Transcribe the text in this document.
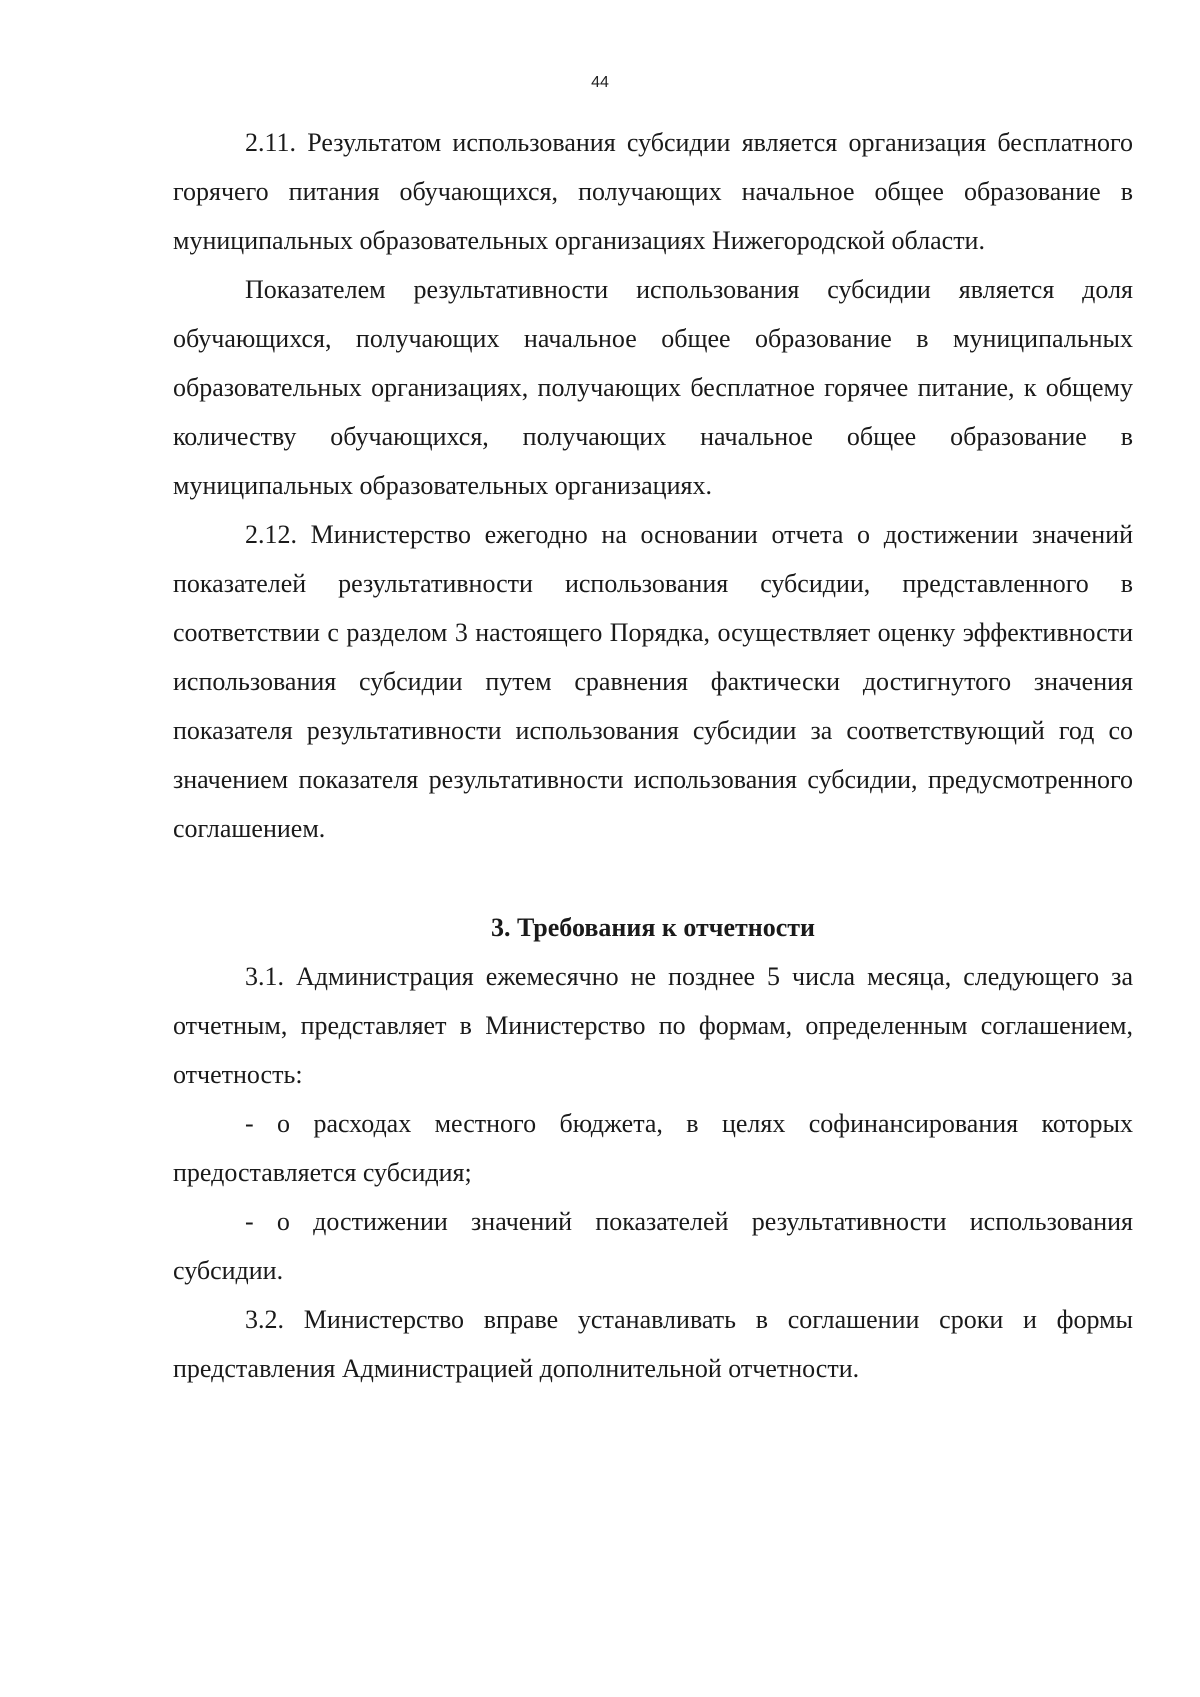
44

2.11. Результатом использования субсидии является организация бесплатного горячего питания обучающихся, получающих начальное общее образование в муниципальных образовательных организациях Нижегородской области.

Показателем результативности использования субсидии является доля обучающихся, получающих начальное общее образование в муниципальных образовательных организациях, получающих бесплатное горячее питание, к общему количеству обучающихся, получающих начальное общее образование в муниципальных образовательных организациях.

2.12. Министерство ежегодно на основании отчета о достижении значений показателей результативности использования субсидии, представленного в соответствии с разделом 3 настоящего Порядка, осуществляет оценку эффективности использования субсидии путем сравнения фактически достигнутого значения показателя результативности использования субсидии за соответствующий год со значением показателя результативности использования субсидии, предусмотренного соглашением.

3. Требования к отчетности

3.1. Администрация ежемесячно не позднее 5 числа месяца, следующего за отчетным, представляет в Министерство по формам, определенным соглашением, отчетность:

- о расходах местного бюджета, в целях софинансирования которых предоставляется субсидия;

- о достижении значений показателей результативности использования субсидии.

3.2. Министерство вправе устанавливать в соглашении сроки и формы представления Администрацией дополнительной отчетности.
